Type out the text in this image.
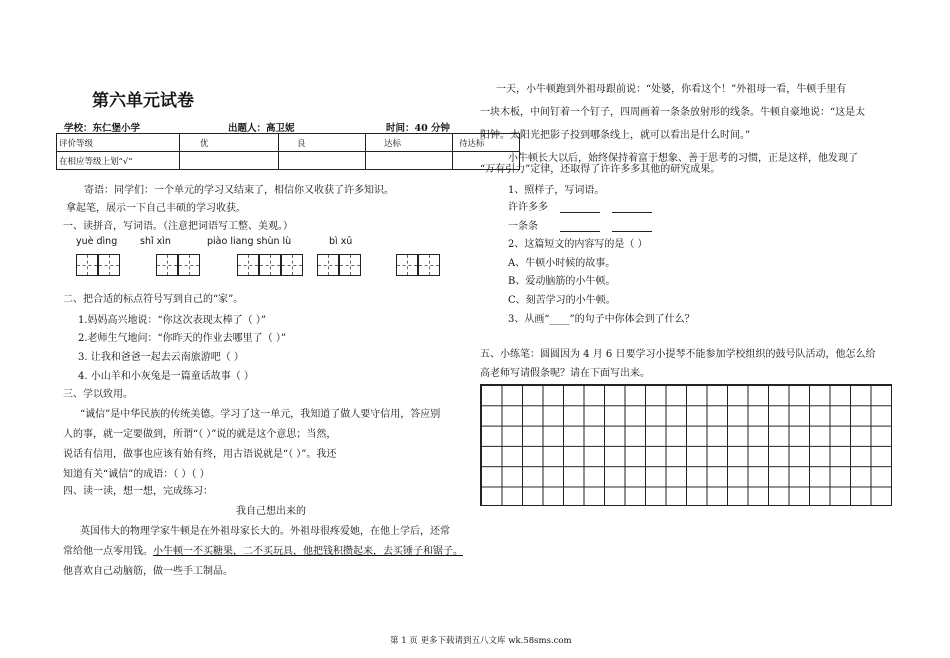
第六单元试卷
学校：东仁堡小学	出题人：高卫妮	时间：40 分钟
评价等级	优	良	达标	待达标
在相应等级上划“√”				
寄语：同学们：一个单元的学习又结束了，相信你又收获了许多知识。
拿起笔，展示一下自己丰硕的学习收获。
一、读拼音，写词语。（注意把词语写工整、美观。）
yuè dìng shǐ xìn	piào liang shùn lù	bì xū
二、把合适的标点符号写到自己的“家”。
1.妈妈高兴地说：“你这次表现太棒了（ ）”
2.老师生气地问：“你昨天的作业去哪里了（ ）”
3. 让我和爸爸一起去云南旅游吧（ ）
4. 小山羊和小灰兔是一篇童话故事（ ）
三、学以致用。
“诚信”是中华民族的传统美德。学习了这一单元，我知道了做人要守信用，答应别
人的事，就一定要做到，所谓“（ ）”说的就是这个意思；当然，
说话有信用，做事也应该有始有终，用古语说就是“（ ）”。我还
知道有关“诚信”的成语：（ ）（ ）
四、读一读，想一想，完成练习：
我自己想出来的
英国伟大的物理学家牛顿是在外祖母家长大的。外祖母很疼爱她，在他上学后，还常
常给他一点零用钱。小牛顿一不买糖果，二不买玩具，他把钱积攒起来，去买锤子和锯子。
他喜欢自己动脑筋，做一些手工制品。
一天，小牛顿跑到外祖母跟前说：“处婆，你看这个！”外祖母一看，牛顿手里有
一块木板，中间钉着一个钉子，四周画着一条条放射形的线条。牛顿自豪地说：“这是太
阳钟。太阳光把影子投到哪条线上，就可以看出是什么时间。”
小牛顿长大以后，始终保持着富于想象、善于思考的习惯，正是这样，他发现了
“万有引力”定律，还取得了许许多多其他的研究成果。
1、照样子，写词语。
许许多多
一条条
2、这篇短文的内容写的是（ ）
A、牛顿小时候的故事。
B、爱动脑筋的小牛顿。
C、刻苦学习的小牛顿。
3、从画“____”的句子中你体会到了什么？
五、小练笔：圆圆因为 4 月 6 日要学习小提琴不能参加学校组织的鼓号队活动，他怎么给
高老师写请假条呢？请在下面写出来。
第 1 页 更多下载请到五八文库 wk.58sms.com
